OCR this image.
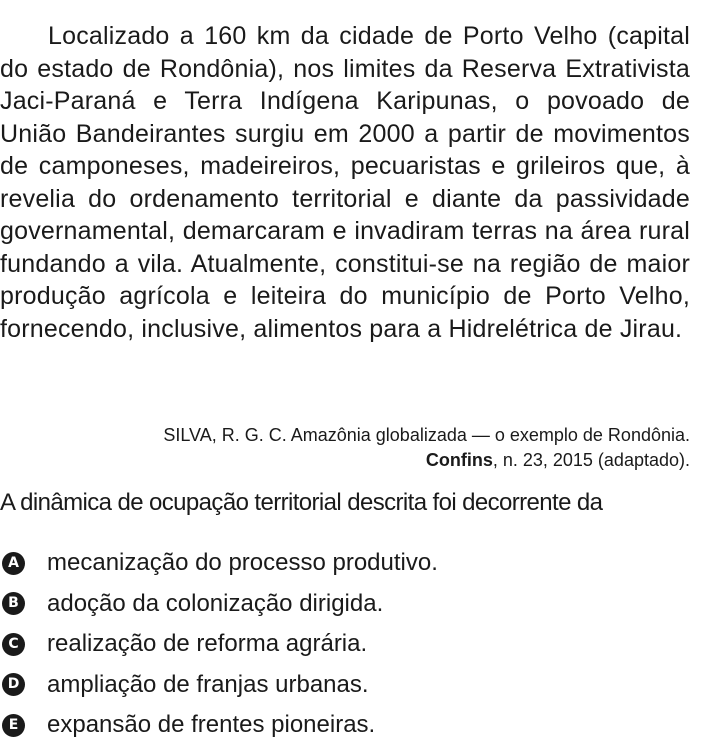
Localizado a 160 km da cidade de Porto Velho (capital do estado de Rondônia), nos limites da Reserva Extrativista Jaci-Paraná e Terra Indígena Karipunas, o povoado de União Bandeirantes surgiu em 2000 a partir de movimentos de camponeses, madeireiros, pecuaristas e grileiros que, à revelia do ordenamento territorial e diante da passividade governamental, demarcaram e invadiram terras na área rural fundando a vila. Atualmente, constitui-se na região de maior produção agrícola e leiteira do município de Porto Velho, fornecendo, inclusive, alimentos para a Hidrelétrica de Jirau.

SILVA, R. G. C. Amazônia globalizada — o exemplo de Rondônia.
Confins, n. 23, 2015 (adaptado).
A dinâmica de ocupação territorial descrita foi decorrente da
A mecanização do processo produtivo.
B adoção da colonização dirigida.
C realização de reforma agrária.
D ampliação de franjas urbanas.
E expansão de frentes pioneiras.
